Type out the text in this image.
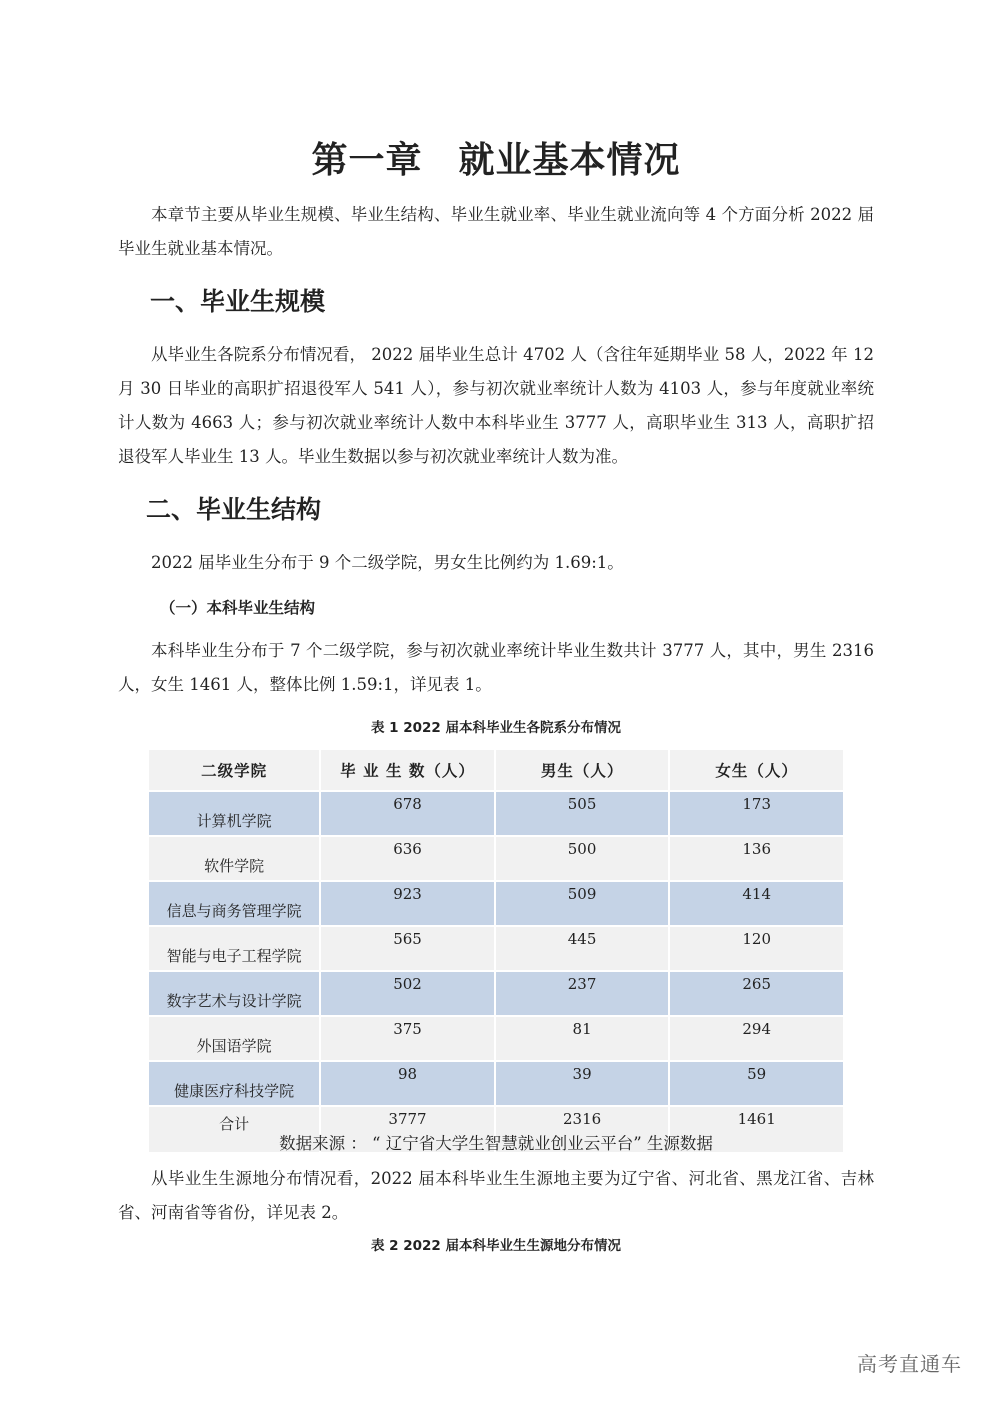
第一章 就业基本情况
本章节主要从毕业生规模、毕业生结构、毕业生就业率、毕业生就业流向等 4 个方面分析 2022 届毕业生就业基本情况。
一、毕业生规模
从毕业生各院系分布情况看， 2022 届毕业生总计 4702 人（含往年延期毕业 58 人，2022 年 12 月 30 日毕业的高职扩招退役军人 541 人），参与初次就业率统计人数为 4103 人，参与年度就业率统计人数为 4663 人；参与初次就业率统计人数中本科毕业生 3777 人，高职毕业生 313 人，高职扩招退役军人毕业生 13 人。毕业生数据以参与初次就业率统计人数为准。
二、毕业生结构
2022 届毕业生分布于 9 个二级学院，男女生比例约为 1.69:1。
（一）本科毕业生结构
本科毕业生分布于 7 个二级学院，参与初次就业率统计毕业生数共计 3777 人，其中，男生 2316 人，女生 1461 人，整体比例 1.59:1，详见表 1。
表 1 2022 届本科毕业生各院系分布情况
二级学院	毕 业 生 数（人）	男生（人）	女生（人）
计算机学院	678	505	173
软件学院	636	500	136
信息与商务管理学院	923	509	414
智能与电子工程学院	565	445	120
数字艺术与设计学院	502	237	265
外国语学院	375	81	294
健康医疗科技学院	98	39	59
合计	3777	2316	1461
数据来源 ： “ 辽宁省大学生智慧就业创业云平台” 生源数据
从毕业生生源地分布情况看，2022 届本科毕业生生源地主要为辽宁省、河北省、黑龙江省、吉林省、河南省等省份，详见表 2。
表 2 2022 届本科毕业生生源地分布情况
高考直通车
